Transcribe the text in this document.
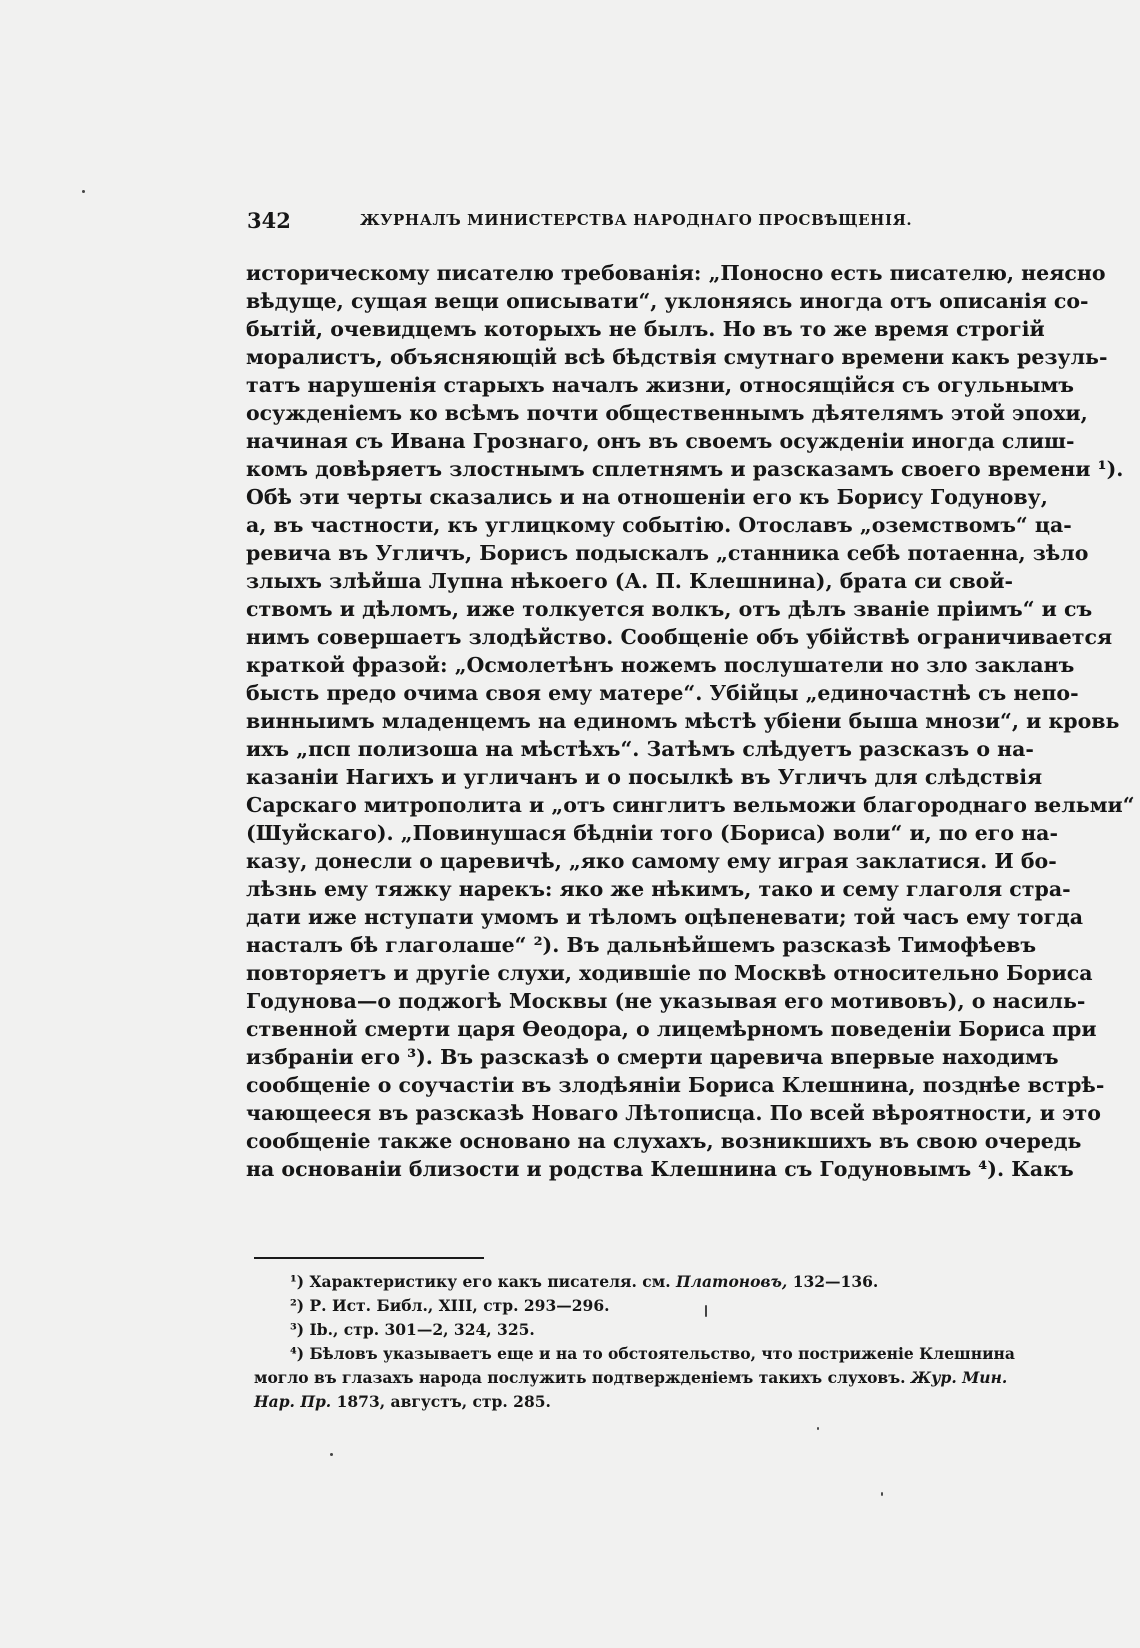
342	ЖУРНАЛЪ МИНИСТЕРСТВА НАРОДНАГО ПРОСВѢЩЕНІЯ.
историческому писателю требованія: „Поносно есть писателю, неясно
вѣдуще, сущая вещи описывати“, уклоняясь иногда отъ описанія со-
бытій, очевидцемъ которыхъ не былъ. Но въ то же время строгій
моралистъ, объясняющій всѣ бѣдствія смутнаго времени какъ резуль-
татъ нарушенія старыхъ началъ жизни, относящійся съ огульнымъ
осужденіемъ ко всѣмъ почти общественнымъ дѣятелямъ этой эпохи,
начиная съ Ивана Грознаго, онъ въ своемъ осужденіи иногда слиш-
комъ довѣряетъ злостнымъ сплетнямъ и разсказамъ своего времени ¹).
Обѣ эти черты сказались и на отношеніи его къ Борису Годунову,
а, въ частности, къ углицкому событію. Отославъ „оземствомъ“ ца-
ревича въ Угличъ, Борисъ подыскалъ „станника себѣ потаенна, зѣло
злыхъ злѣйша Лупна нѣкоего (А. П. Клешнина), брата си свой-
ствомъ и дѣломъ, иже толкуется волкъ, отъ дѣлъ званіе пріимъ“ и съ
нимъ совершаетъ злодѣйство. Сообщеніе объ убійствѣ ограничивается
краткой фразой: „Осмолетѣнъ ножемъ послушатели но зло закланъ
бысть предо очима своя ему матере“. Убійцы „единочастнѣ съ непо-
винныимъ младенцемъ на единомъ мѣстѣ убіени быша мнози“, и кровь
ихъ „псп полизоша на мѣстѣхъ“. Затѣмъ слѣдуетъ разсказъ о на-
казаніи Нагихъ и угличанъ и о посылкѣ въ Угличъ для слѣдствія
Сарскаго митрополита и „отъ синглитъ вельможи благороднаго вельми“
(Шуйскаго). „Повинушася бѣдніи того (Бориса) воли“ и, по его на-
казу, донесли о царевичѣ, „яко самому ему играя заклатися. И бо-
лѣзнь ему тяжку нарекъ: яко же нѣкимъ, тако и сему глаголя стра-
дати иже нступати умомъ и тѣломъ оцѣпеневати; той часъ ему тогда
насталъ бѣ глаголаше“ ²). Въ дальнѣйшемъ разсказѣ Тимофѣевъ
повторяетъ и другіе слухи, ходившіе по Москвѣ относительно Бориса
Годунова—о поджогѣ Москвы (не указывая его мотивовъ), о насиль-
ственной смерти царя Ѳеодора, о лицемѣрномъ поведеніи Бориса при
избраніи его ³). Въ разсказѣ о смерти царевича впервые находимъ
сообщеніе о соучастіи въ злодѣяніи Бориса Клешнина, позднѣе встрѣ-
чающееся въ разсказѣ Новаго Лѣтописца. По всей вѣроятности, и это
сообщеніе также основано на слухахъ, возникшихъ въ свою очередь
на основаніи близости и родства Клешнина съ Годуновымъ ⁴). Какъ
¹) Характеристику его какъ писателя. см. Платоновъ, 132—136.
²) Р. Ист. Библ., XIII, стр. 293—296.
³) Ib., стр. 301—2, 324, 325.
⁴) Бѣловъ указываетъ еще и на то обстоятельство, что постриженіе Клешнина
могло въ глазахъ народа послужить подтвержденіемъ такихъ слуховъ. Жур. Мин.
Нар. Пр. 1873, августъ, стр. 285.
